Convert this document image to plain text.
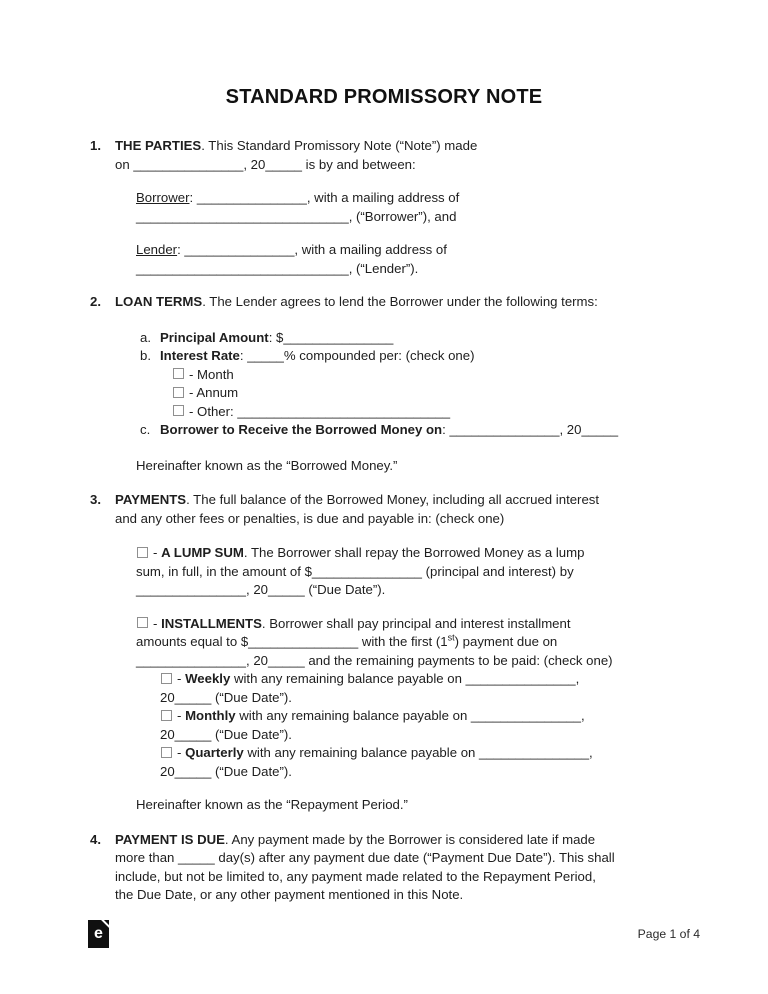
STANDARD PROMISSORY NOTE
1.	THE PARTIES. This Standard Promissory Note (“Note”) made
on _______________, 20_____ is by and between:

Borrower: _______________, with a mailing address of
_____________________________, (“Borrower”), and

Lender: _______________, with a mailing address of
_____________________________, (“Lender”).

2.	LOAN TERMS. The Lender agrees to lend the Borrower under the following terms:
a. Principal Amount: $_______________
b. Interest Rate: _____% compounded per: (check one)
- Month
- Annum
- Other: _____________________________
c. Borrower to Receive the Borrowed Money on: _______________, 20_____

Hereinafter known as the “Borrowed Money.”

3.	PAYMENTS. The full balance of the Borrowed Money, including all accrued interest
and any other fees or penalties, is due and payable in: (check one)

- A LUMP SUM. The Borrower shall repay the Borrowed Money as a lump
sum, in full, in the amount of $_______________ (principal and interest) by
_______________, 20_____ (“Due Date”).

- INSTALLMENTS. Borrower shall pay principal and interest installment
amounts equal to $_______________ with the first (1st) payment due on
_______________, 20_____ and the remaining payments to be paid: (check one)

- Weekly with any remaining balance payable on _______________,
20_____ (“Due Date”).
- Monthly with any remaining balance payable on _______________,
20_____ (“Due Date”).
- Quarterly with any remaining balance payable on _______________,
20_____ (“Due Date”).

Hereinafter known as the “Repayment Period.”

4.	PAYMENT IS DUE. Any payment made by the Borrower is considered late if made
more than _____ day(s) after any payment due date (“Payment Due Date”). This shall
include, but not be limited to, any payment made related to the Repayment Period,
the Due Date, or any other payment mentioned in this Note.
e	Page 1 of 4
